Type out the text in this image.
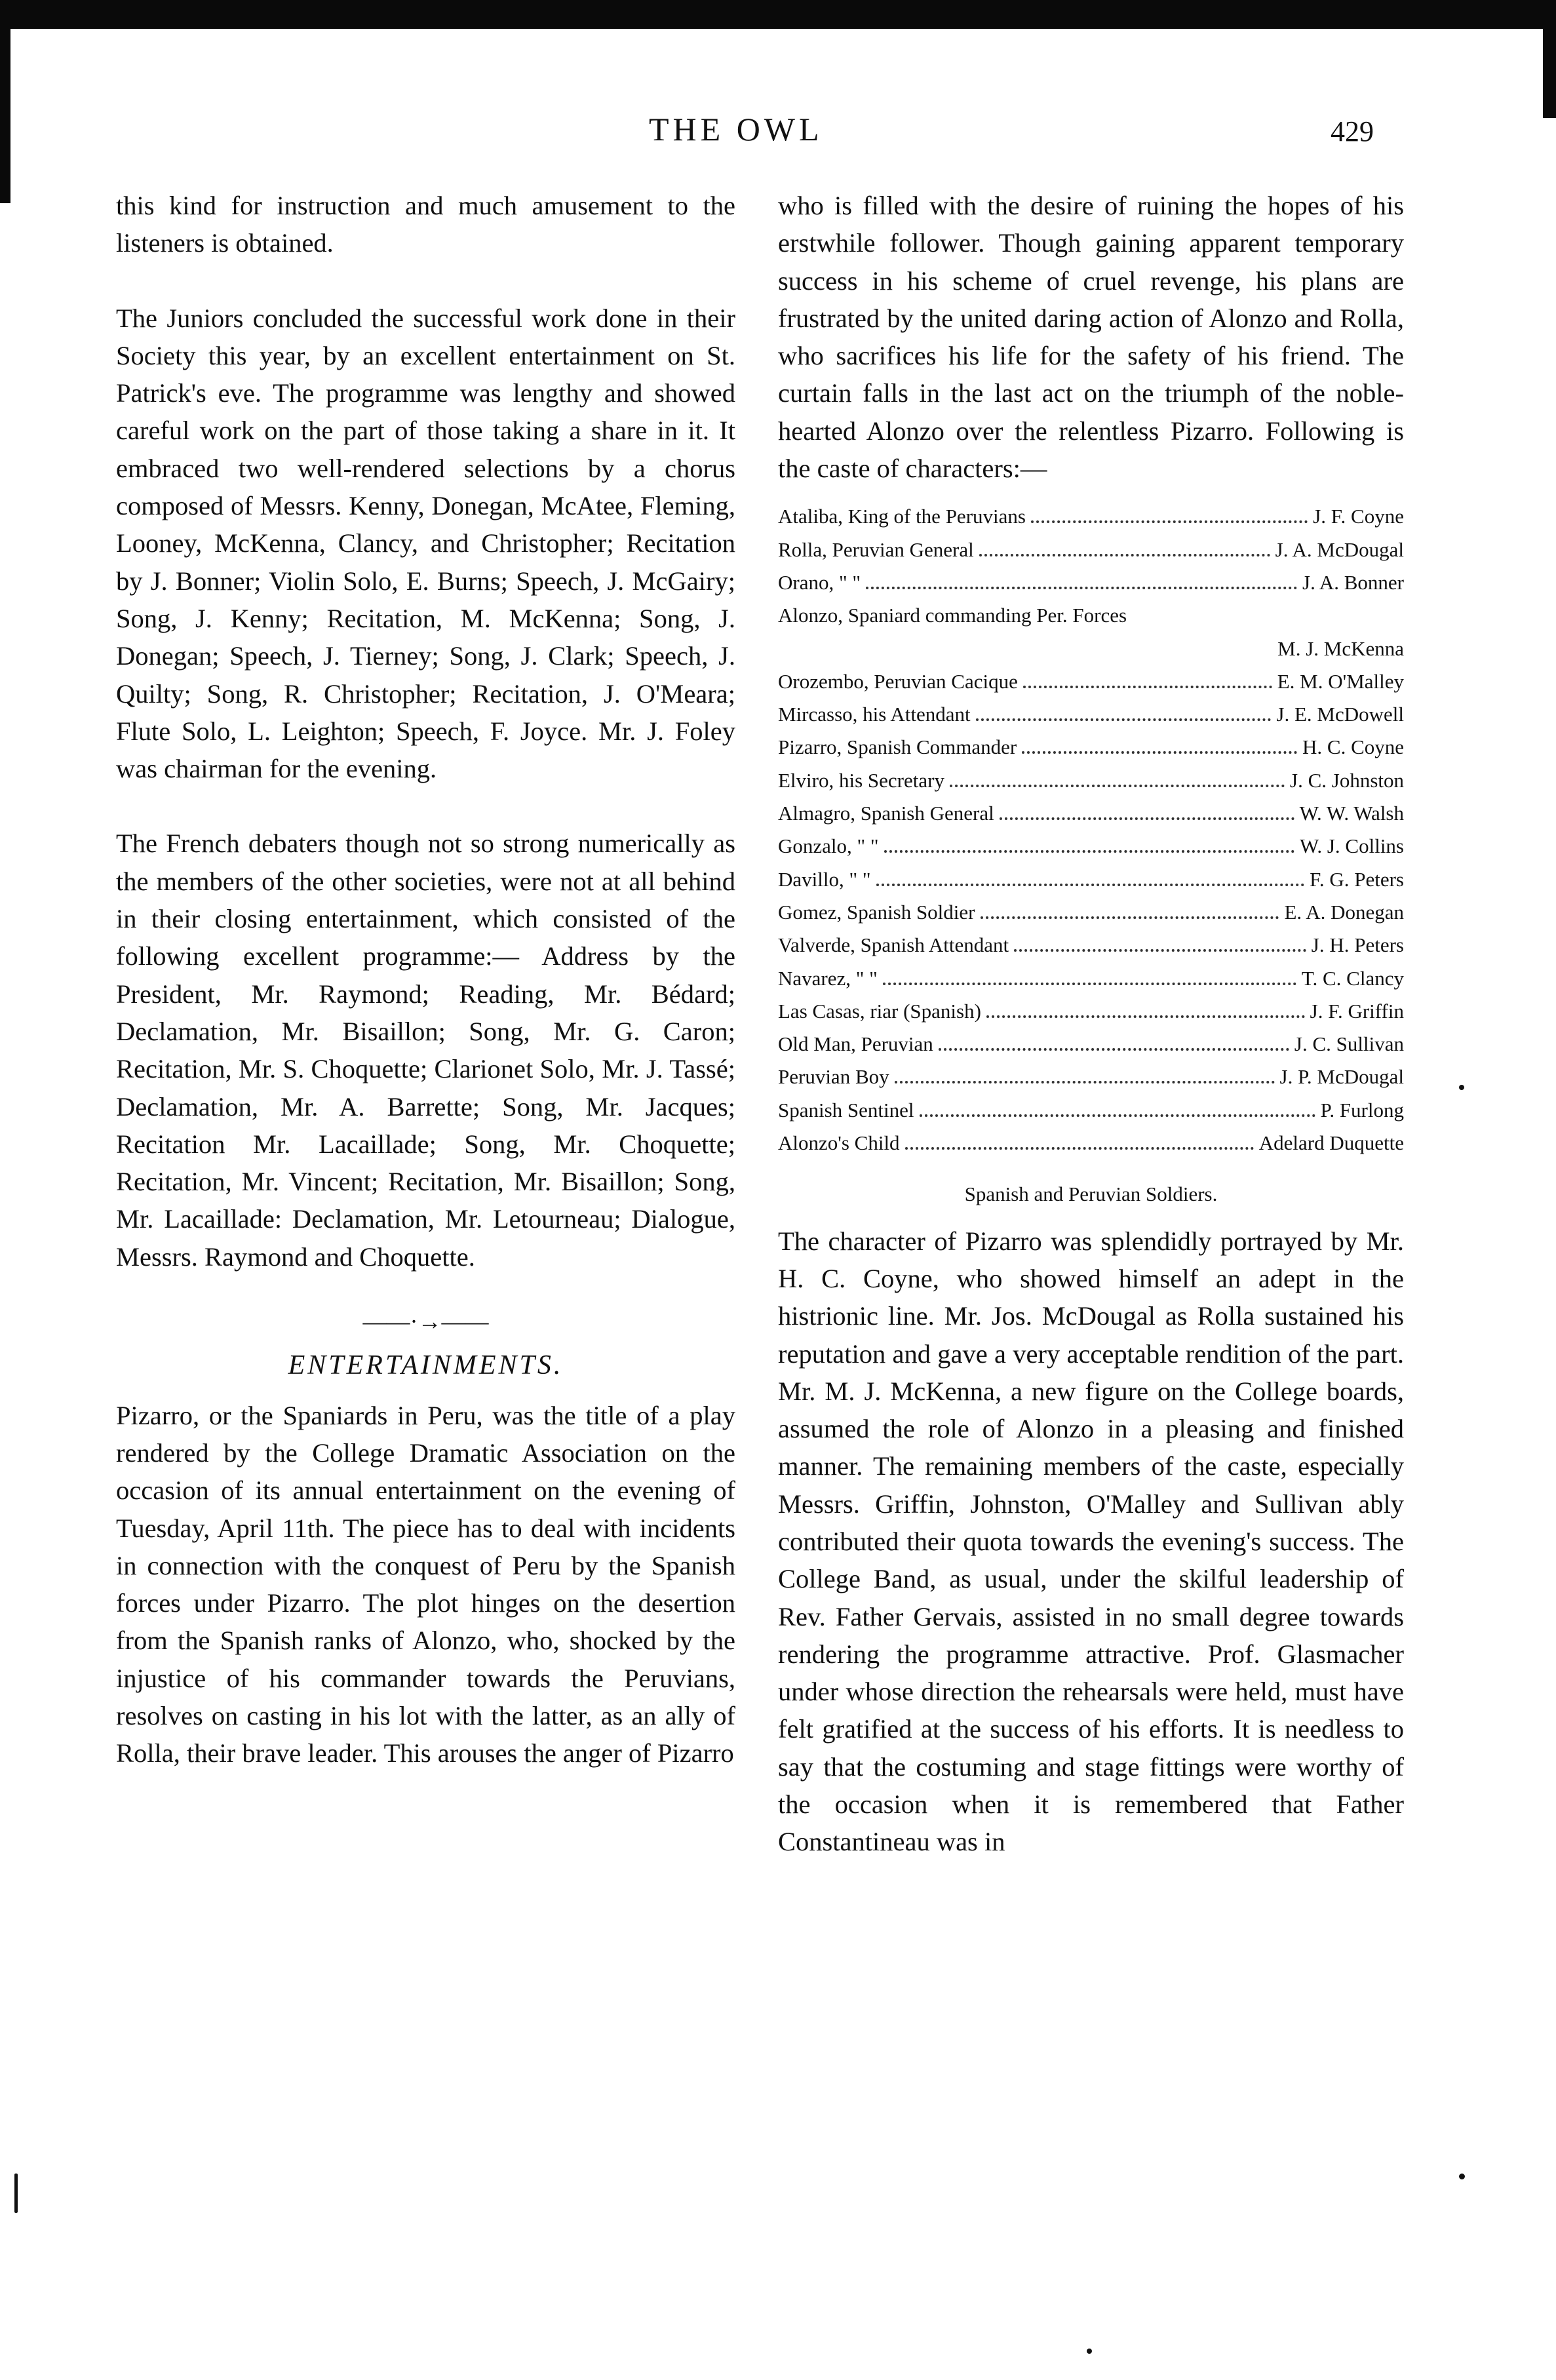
THE OWL	429

this kind for instruction and much amusement to the listeners is obtained.

The Juniors concluded the successful work done in their Society this year, by an excellent entertainment on St. Patrick's eve. The programme was lengthy and showed careful work on the part of those taking a share in it. It embraced two well-rendered selections by a chorus composed of Messrs. Kenny, Donegan, McAtee, Fleming, Looney, McKenna, Clancy, and Christopher; Recitation by J. Bonner; Violin Solo, E. Burns; Speech, J. McGairy; Song, J. Kenny; Recitation, M. McKenna; Song, J. Donegan; Speech, J. Tierney; Song, J. Clark; Speech, J. Quilty; Song, R. Christopher; Recitation, J. O'Meara; Flute Solo, L. Leighton; Speech, F. Joyce. Mr. J. Foley was chairman for the evening.

The French debaters though not so strong numerically as the members of the other societies, were not at all behind in their closing entertainment, which consisted of the following excellent programme:— Address by the President, Mr. Raymond; Reading, Mr. Bédard; Declamation, Mr. Bisaillon; Song, Mr. G. Caron; Recitation, Mr. S. Choquette; Clarionet Solo, Mr. J. Tassé; Declamation, Mr. A. Barrette; Song, Mr. Jacques; Recitation Mr. Lacaillade; Song, Mr. Choquette; Recitation, Mr. Vincent; Recitation, Mr. Bisaillon; Song, Mr. Lacaillade: Declamation, Mr. Letourneau; Dialogue, Messrs. Raymond and Choquette.

——·→——
ENTERTAINMENTS.

Pizarro, or the Spaniards in Peru, was the title of a play rendered by the College Dramatic Association on the occasion of its annual entertainment on the evening of Tuesday, April 11th. The piece has to deal with incidents in connection with the conquest of Peru by the Spanish forces under Pizarro. The plot hinges on the desertion from the Spanish ranks of Alonzo, who, shocked by the injustice of his commander towards the Peruvians, resolves on casting in his lot with the latter, as an ally of Rolla, their brave leader. This arouses the anger of Pizarro

who is filled with the desire of ruining the hopes of his erstwhile follower. Though gaining apparent temporary success in his scheme of cruel revenge, his plans are frustrated by the united daring action of Alonzo and Rolla, who sacrifices his life for the safety of his friend. The curtain falls in the last act on the triumph of the noble-hearted Alonzo over the relentless Pizarro. Following is the caste of characters:—

Ataliba, King of the Peruvians	J. F. Coyne
Rolla, Peruvian General	J. A. McDougal
Orano, " "	J. A. Bonner
Alonzo, Spaniard commanding Per. Forces
M. J. McKenna
Orozembo, Peruvian Cacique	E. M. O'Malley
Mircasso, his Attendant	J. E. McDowell
Pizarro, Spanish Commander	H. C. Coyne
Elviro, his Secretary	J. C. Johnston
Almagro, Spanish General	W. W. Walsh
Gonzalo, " "	W. J. Collins
Davillo, " "	F. G. Peters
Gomez, Spanish Soldier	E. A. Donegan
Valverde, Spanish Attendant	J. H. Peters
Navarez, " "	T. C. Clancy
Las Casas, riar (Spanish)	J. F. Griffin
Old Man, Peruvian	J. C. Sullivan
Peruvian Boy	J. P. McDougal
Spanish Sentinel	P. Furlong
Alonzo's Child	Adelard Duquette
Spanish and Peruvian Soldiers.

The character of Pizarro was splendidly portrayed by Mr. H. C. Coyne, who showed himself an adept in the histrionic line. Mr. Jos. McDougal as Rolla sustained his reputation and gave a very acceptable rendition of the part. Mr. M. J. McKenna, a new figure on the College boards, assumed the role of Alonzo in a pleasing and finished manner. The remaining members of the caste, especially Messrs. Griffin, Johnston, O'Malley and Sullivan ably contributed their quota towards the evening's success. The College Band, as usual, under the skilful leadership of Rev. Father Gervais, assisted in no small degree towards rendering the programme attractive. Prof. Glasmacher under whose direction the rehearsals were held, must have felt gratified at the success of his efforts. It is needless to say that the costuming and stage fittings were worthy of the occasion when it is remembered that Father Constantineau was in
